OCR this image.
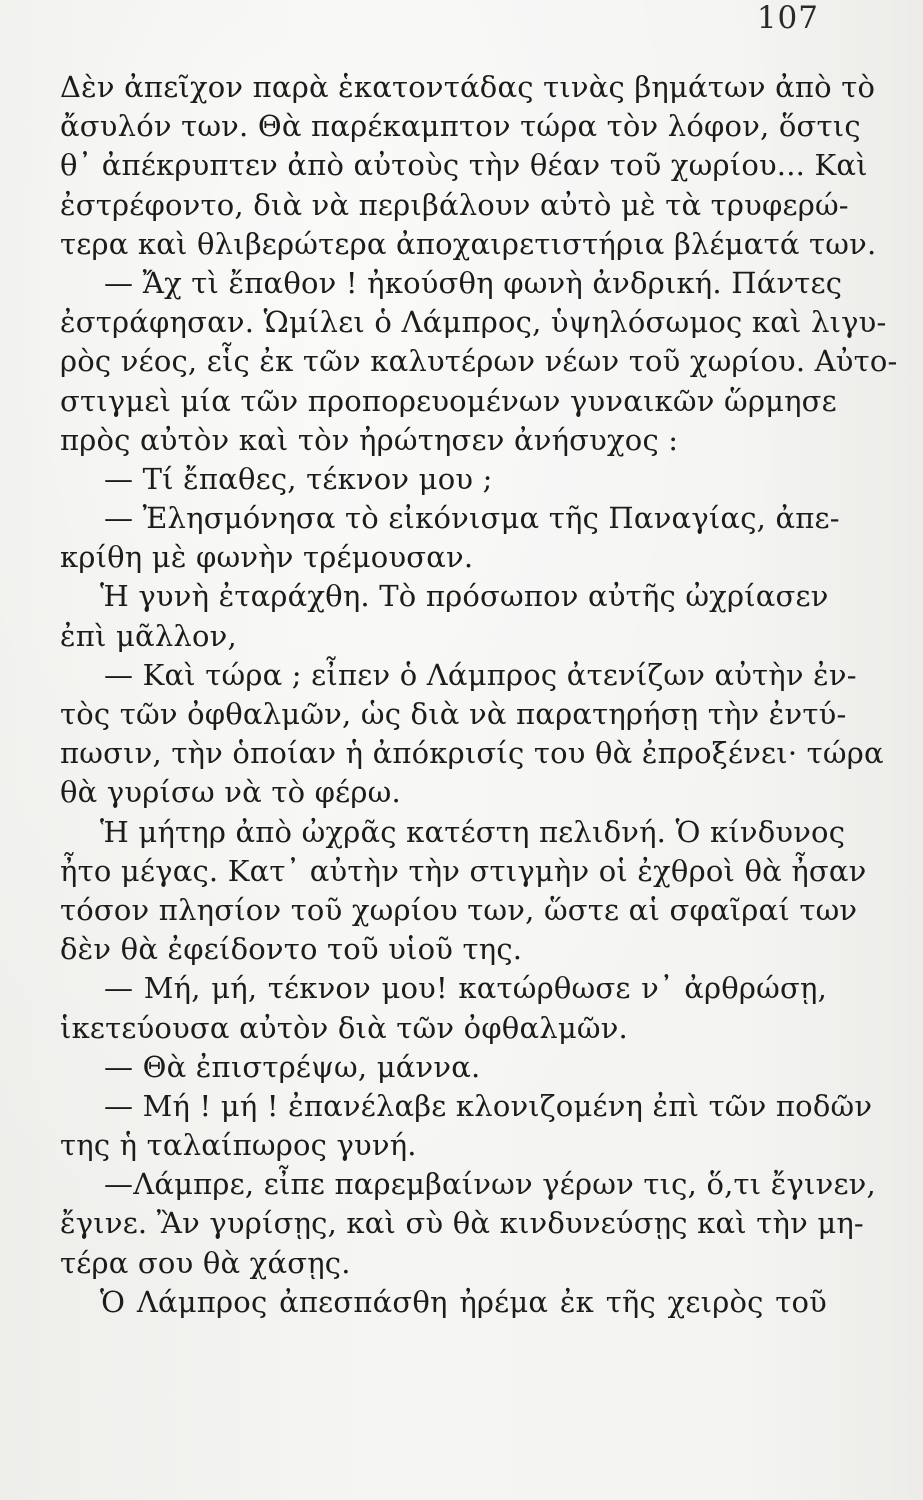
107
Δὲν ἀπεῖχον παρὰ ἑκατοντάδας τινὰς βημάτων ἀπὸ τὸ
ἄσυλόν των. Θὰ παρέκαμπτον τώρα τὸν λόφον, ὅστις
θ᾽ ἀπέκρυπτεν ἀπὸ αὐτοὺς τὴν θέαν τοῦ χωρίου... Καὶ
ἐστρέφοντο, διὰ νὰ περιβάλουν αὐτὸ μὲ τὰ τρυφερώ-
τερα καὶ θλιβερώτερα ἀποχαιρετιστήρια βλέματά των.
— Ἄχ τὶ ἔπαθον ! ἠκούσθη φωνὴ ἀνδρική. Πάντες
ἐστράφησαν. Ὡμίλει ὁ Λάμπρος, ὑψηλόσωμος καὶ λιγυ-
ρὸς νέος, εἷς ἐκ τῶν καλυτέρων νέων τοῦ χωρίου. Αὐτο-
στιγμεὶ μία τῶν προπορευομένων γυναικῶν ὥρμησε
πρὸς αὐτὸν καὶ τὸν ἠρώτησεν ἀνήσυχος :
— Τί ἔπαθες, τέκνον μου ;
— Ἐλησμόνησα τὸ εἰκόνισμα τῆς Παναγίας, ἀπε-
κρίθη μὲ φωνὴν τρέμουσαν.
Ἡ γυνὴ ἐταράχθη. Τὸ πρόσωπον αὐτῆς ὠχρίασεν
ἐπὶ μᾶλλον,
— Καὶ τώρα ; εἶπεν ὁ Λάμπρος ἀτενίζων αὐτὴν ἐν-
τὸς τῶν ὀφθαλμῶν, ὡς διὰ νὰ παρατηρήσῃ τὴν ἐντύ-
πωσιν, τὴν ὁποίαν ἡ ἀπόκρισίς του θὰ ἐπροξένει· τώρα
θὰ γυρίσω νὰ τὸ φέρω.
Ἡ μήτηρ ἀπὸ ὠχρᾶς κατέστη πελιδνή. Ὁ κίνδυνος
ἦτο μέγας. Κατ᾽ αὐτὴν τὴν στιγμὴν οἱ ἐχθροὶ θὰ ἦσαν
τόσον πλησίον τοῦ χωρίου των, ὥστε αἱ σφαῖραί των
δὲν θὰ ἐφείδοντο τοῦ υἱοῦ της.
— Μή, μή, τέκνον μου! κατώρθωσε ν᾽ ἀρθρώσῃ,
ἱκετεύουσα αὐτὸν διὰ τῶν ὀφθαλμῶν.
— Θὰ ἐπιστρέψω, μάννα.
— Μή ! μή ! ἐπανέλαβε κλονιζομένη ἐπὶ τῶν ποδῶν
της ἡ ταλαίπωρος γυνή.
—Λάμπρε, εἶπε παρεμβαίνων γέρων τις, ὅ,τι ἔγινεν,
ἔγινε. Ἂν γυρίσῃς, καὶ σὺ θὰ κινδυνεύσῃς καὶ τὴν μη-
τέρα σου θὰ χάσῃς.
Ὁ Λάμπρος ἀπεσπάσθη ἠρέμα ἐκ τῆς χειρὸς τοῦ
